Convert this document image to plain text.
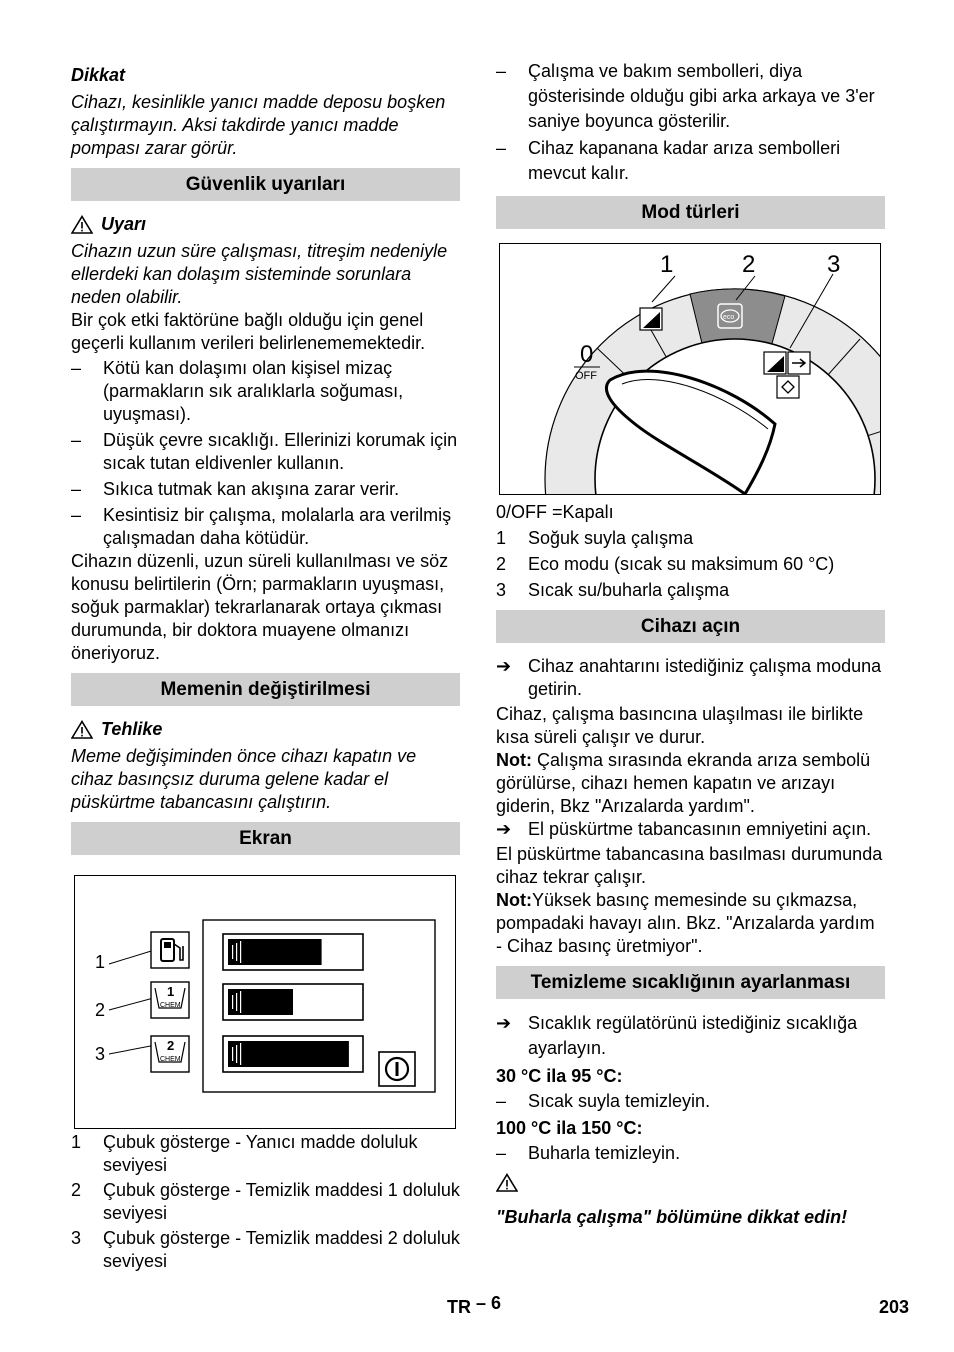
Dikkat

Cihazı, kesinlikle yanıcı madde deposu boşken çalıştırmayın. Aksi takdirde yanıcı madde pompası zarar görür.

Güvenlik uyarıları
Uyarı

Cihazın uzun süre çalışması, titreşim nedeniyle ellerdeki kan dolaşım sisteminde sorunlara neden olabilir.

Bir çok etki faktörüne bağlı olduğu için genel geçerli kullanım verileri belirlenememektedir.

–	Kötü kan dolaşımı olan kişisel mizaç (parmakların sık aralıklarla soğuması, uyuşması).
–	Düşük çevre sıcaklığı. Ellerinizi korumak için sıcak tutan eldivenler kullanın.
–	Sıkıca tutmak kan akışına zarar verir.
–	Kesintisiz bir çalışma, molalarla ara verilmiş çalışmadan daha kötüdür.

Cihazın düzenli, uzun süreli kullanılması ve söz konusu belirtilerin (Örn; parmakların uyuşması, soğuk parmaklar) tekrarlanarak ortaya çıkması durumunda, bir doktora muayene olmanızı öneriyoruz.

Memenin değiştirilmesi
Tehlike

Meme değişiminden önce cihazı kapatın ve cihaz basınçsız duruma gelene kadar el püskürtme tabancasını çalıştırın.

Ekran
1
2
3
1
CHEM
2
CHEM
1	Çubuk gösterge - Yanıcı madde doluluk seviyesi
2	Çubuk gösterge - Temizlik maddesi 1 doluluk seviyesi
3	Çubuk gösterge - Temizlik maddesi 2 doluluk seviyesi
–	Çalışma ve bakım sembolleri, diya gösterisinde olduğu gibi arka arkaya ve 3'er saniye boyunca gösterilir.
–	Cihaz kapanana kadar arıza sembolleri mevcut kalır.
Mod türleri
1	2	3
eco
0
OFF
0/OFF =Kapalı
1	Soğuk suyla çalışma
2	Eco modu (sıcak su maksimum 60 °C)
3	Sıcak su/buharla çalışma
Cihazı açın
➔ Cihaz anahtarını istediğiniz çalışma moduna getirin.

Cihaz, çalışma basıncına ulaşılması ile birlikte kısa süreli çalışır ve durur.

Not: Çalışma sırasında ekranda arıza sembolü görülürse, cihazı hemen kapatın ve arızayı giderin, Bkz "Arızalarda yardım".

➔ El püskürtme tabancasının emniyetini açın.

El püskürtme tabancasına basılması durumunda cihaz tekrar çalışır.

Not:Yüksek basınç memesinde su çıkmazsa, pompadaki havayı alın. Bkz. "Arızalarda yardım - Cihaz basınç üretmiyor".

Temizleme sıcaklığının ayarlanması
➔ Sıcaklık regülatörünü istediğiniz sıcaklığa ayarlayın.

30 °C ila 95 °C:

–	Sıcak suyla temizleyin.

100 °C ila 150 °C:

–	Buharla temizleyin.

"Buharla çalışma" bölümüne dikkat edin!

TR – 6	203
